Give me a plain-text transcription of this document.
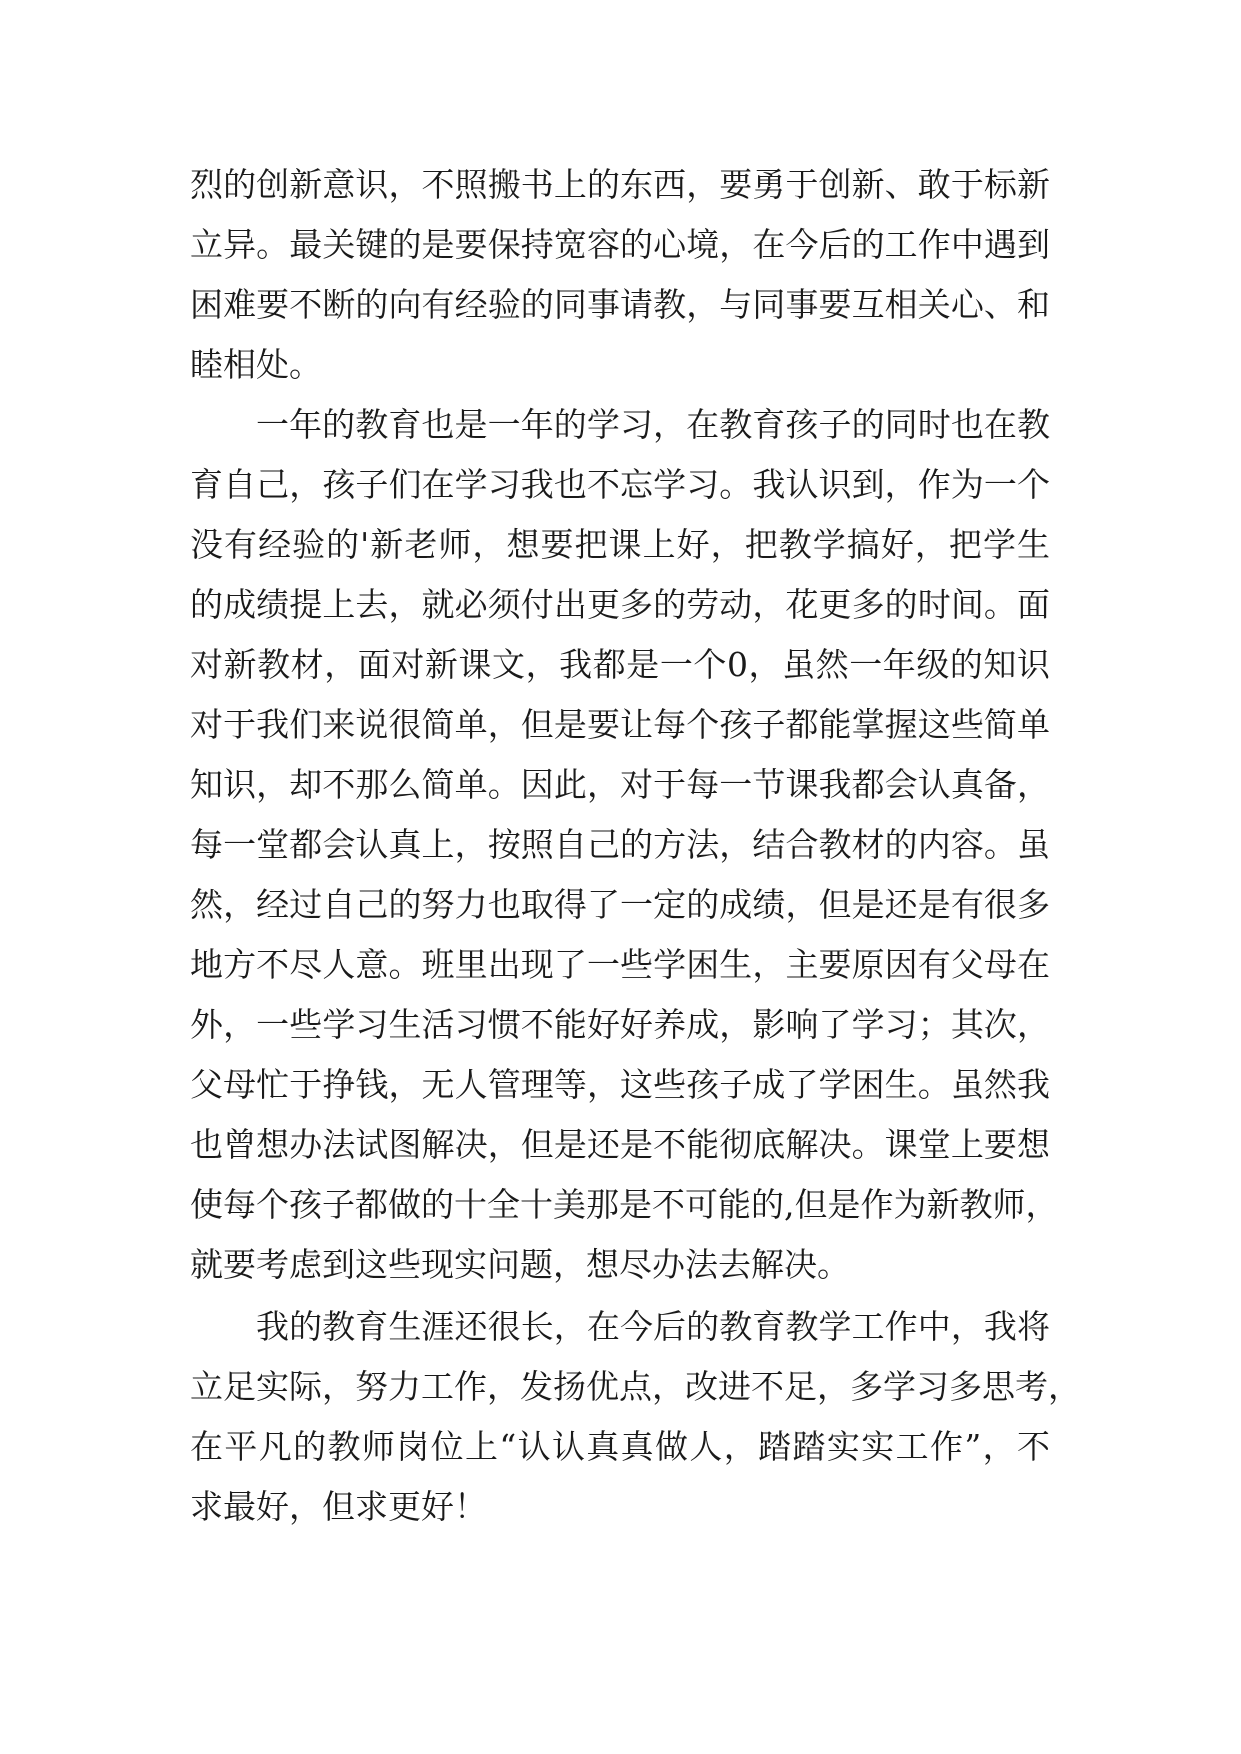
烈的创新意识，不照搬书上的东西，要勇于创新、敢于标新
立异。最关键的是要保持宽容的心境，在今后的工作中遇到
困难要不断的向有经验的同事请教，与同事要互相关心、和
睦相处。
一年的教育也是一年的学习，在教育孩子的同时也在教
育自己，孩子们在学习我也不忘学习。我认识到，作为一个
没有经验的'新老师，想要把课上好，把教学搞好，把学生
的成绩提上去，就必须付出更多的劳动，花更多的时间。面
对新教材，面对新课文，我都是一个0，虽然一年级的知识
对于我们来说很简单，但是要让每个孩子都能掌握这些简单
知识，却不那么简单。因此，对于每一节课我都会认真备，
每一堂都会认真上，按照自己的方法，结合教材的内容。虽
然，经过自己的努力也取得了一定的成绩，但是还是有很多
地方不尽人意。班里出现了一些学困生，主要原因有父母在
外，一些学习生活习惯不能好好养成，影响了学习；其次，
父母忙于挣钱，无人管理等，这些孩子成了学困生。虽然我
也曾想办法试图解决，但是还是不能彻底解决。课堂上要想
使每个孩子都做的十全十美那是不可能的,但是作为新教师，
就要考虑到这些现实问题，想尽办法去解决。
我的教育生涯还很长，在今后的教育教学工作中，我将
立足实际，努力工作，发扬优点，改进不足，多学习多思考，
在平凡的教师岗位上“认认真真做人，踏踏实实工作”，不
求最好，但求更好！
